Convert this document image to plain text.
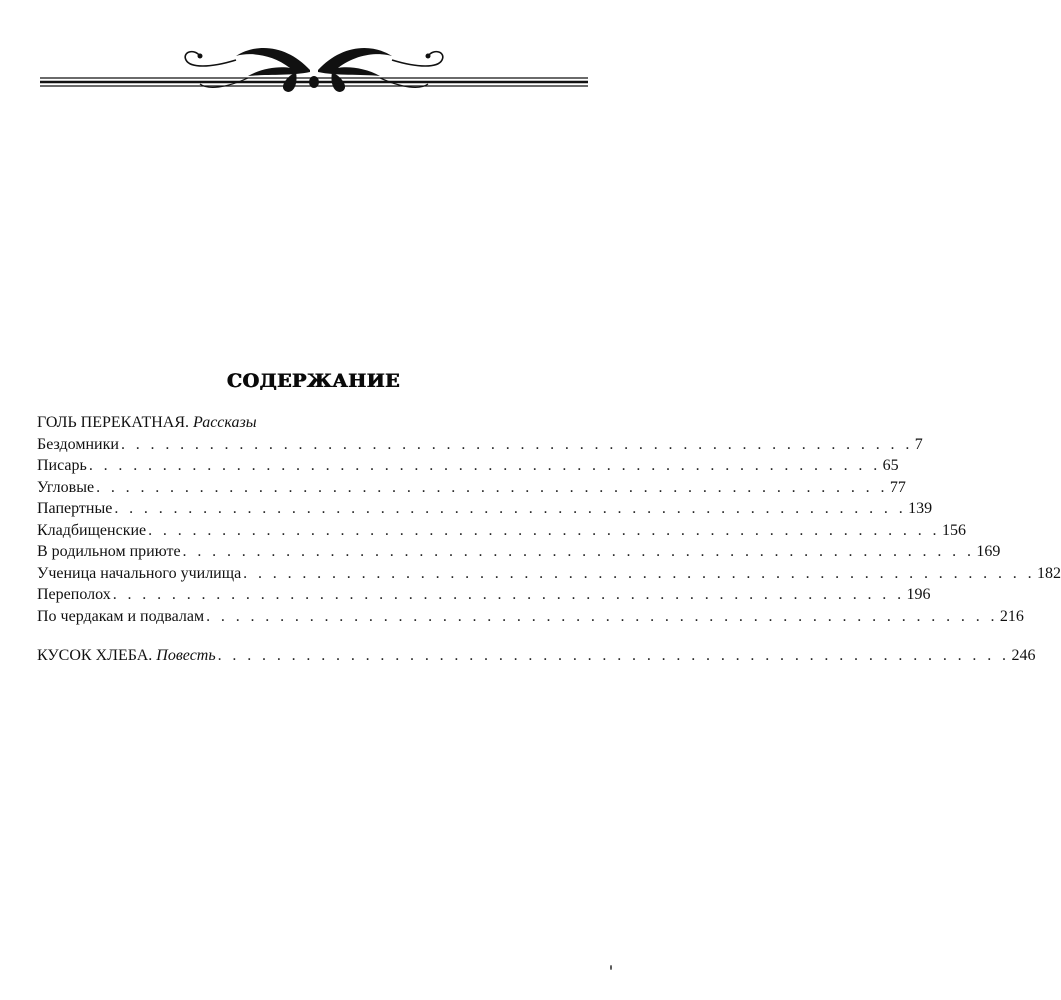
СОДЕРЖАНИЕ
ГОЛЬ ПЕРЕКАТНАЯ. Рассказы
Бездомники . . . . . . . . . . . . . . . . . . . . . . . . . . . . . . . . . . . . . . . . . . . . . . . . . . . . . . 7
Писарь . . . . . . . . . . . . . . . . . . . . . . . . . . . . . . . . . . . . . . . . . . . . . . . . . . . . . . 65
Угловые . . . . . . . . . . . . . . . . . . . . . . . . . . . . . . . . . . . . . . . . . . . . . . . . . . . . . . 77
Папертные . . . . . . . . . . . . . . . . . . . . . . . . . . . . . . . . . . . . . . . . . . . . . . . . . . . . . . 139
Кладбищенские . . . . . . . . . . . . . . . . . . . . . . . . . . . . . . . . . . . . . . . . . . . . . . . . . . . . . . 156
В родильном приюте . . . . . . . . . . . . . . . . . . . . . . . . . . . . . . . . . . . . . . . . . . . . . . . . . . . . . . 169
Ученица начального училища . . . . . . . . . . . . . . . . . . . . . . . . . . . . . . . . . . . . . . . . . . . . . . . . . . . . . . 182
Переполох . . . . . . . . . . . . . . . . . . . . . . . . . . . . . . . . . . . . . . . . . . . . . . . . . . . . . . 196
По чердакам и подвалам . . . . . . . . . . . . . . . . . . . . . . . . . . . . . . . . . . . . . . . . . . . . . . . . . . . . . . 216
КУСОК ХЛЕБА. Повесть . . . . . . . . . . . . . . . . . . . . . . . . . . . . . . . . . . . . . . . . . . . . . . . . . . . . . . 246
